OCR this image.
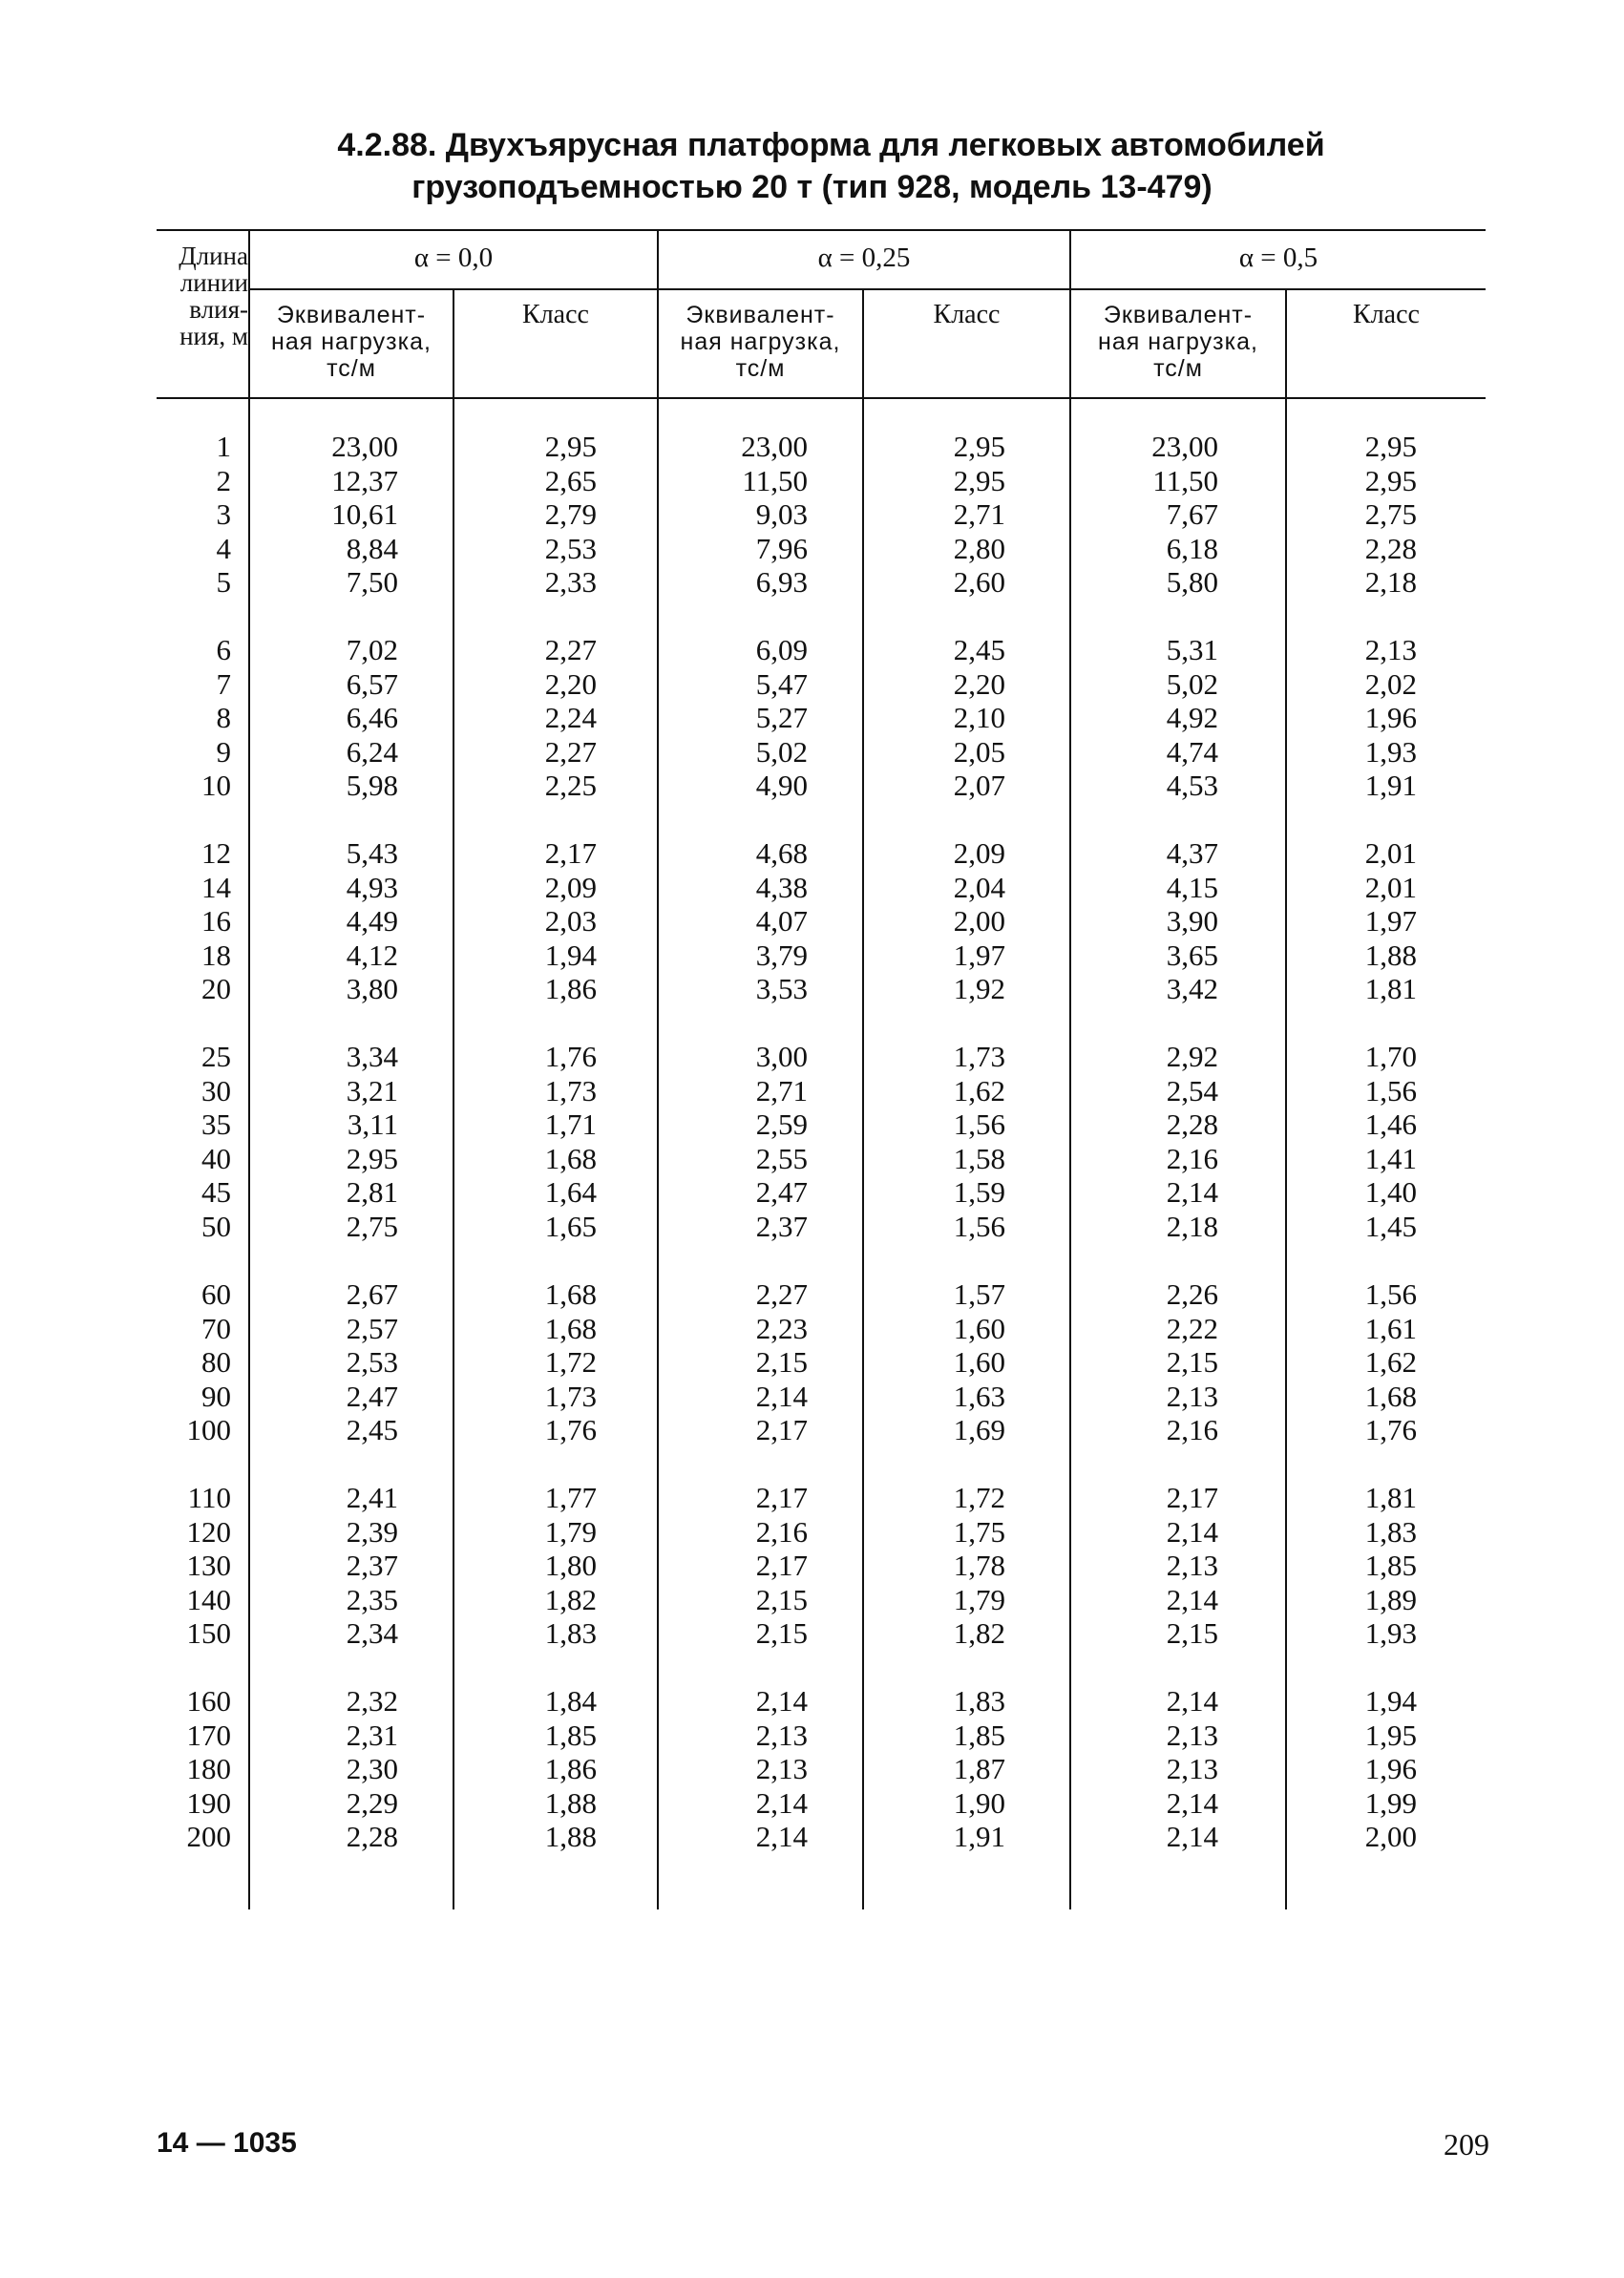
4.2.88. Двухъярусная платформа для легковых автомобилей
грузоподъемностью 20 т (тип 928, модель 13-479)
Длина
линии
влия-
ния, м
α = 0,0	α = 0,25	α = 0,5
Эквивалент-
ная нагрузка,
тс/м
Класс	Эквивалент-
ная нагрузка,
тс/м
Класс	Эквивалент-
ная нагрузка,
тс/м
Класс
1	23,00	2,95	23,00	2,95	23,00	2,95
2	12,37	2,65	11,50	2,95	11,50	2,95
3	10,61	2,79	9,03	2,71	7,67	2,75
4	8,84	2,53	7,96	2,80	6,18	2,28
5	7,50	2,33	6,93	2,60	5,80	2,18
6	7,02	2,27	6,09	2,45	5,31	2,13
7	6,57	2,20	5,47	2,20	5,02	2,02
8	6,46	2,24	5,27	2,10	4,92	1,96
9	6,24	2,27	5,02	2,05	4,74	1,93
10	5,98	2,25	4,90	2,07	4,53	1,91
12	5,43	2,17	4,68	2,09	4,37	2,01
14	4,93	2,09	4,38	2,04	4,15	2,01
16	4,49	2,03	4,07	2,00	3,90	1,97
18	4,12	1,94	3,79	1,97	3,65	1,88
20	3,80	1,86	3,53	1,92	3,42	1,81
25	3,34	1,76	3,00	1,73	2,92	1,70
30	3,21	1,73	2,71	1,62	2,54	1,56
35	3,11	1,71	2,59	1,56	2,28	1,46
40	2,95	1,68	2,55	1,58	2,16	1,41
45	2,81	1,64	2,47	1,59	2,14	1,40
50	2,75	1,65	2,37	1,56	2,18	1,45
60	2,67	1,68	2,27	1,57	2,26	1,56
70	2,57	1,68	2,23	1,60	2,22	1,61
80	2,53	1,72	2,15	1,60	2,15	1,62
90	2,47	1,73	2,14	1,63	2,13	1,68
100	2,45	1,76	2,17	1,69	2,16	1,76
110	2,41	1,77	2,17	1,72	2,17	1,81
120	2,39	1,79	2,16	1,75	2,14	1,83
130	2,37	1,80	2,17	1,78	2,13	1,85
140	2,35	1,82	2,15	1,79	2,14	1,89
150	2,34	1,83	2,15	1,82	2,15	1,93
160	2,32	1,84	2,14	1,83	2,14	1,94
170	2,31	1,85	2,13	1,85	2,13	1,95
180	2,30	1,86	2,13	1,87	2,13	1,96
190	2,29	1,88	2,14	1,90	2,14	1,99
200	2,28	1,88	2,14	1,91	2,14	2,00
14 — 1035	209
